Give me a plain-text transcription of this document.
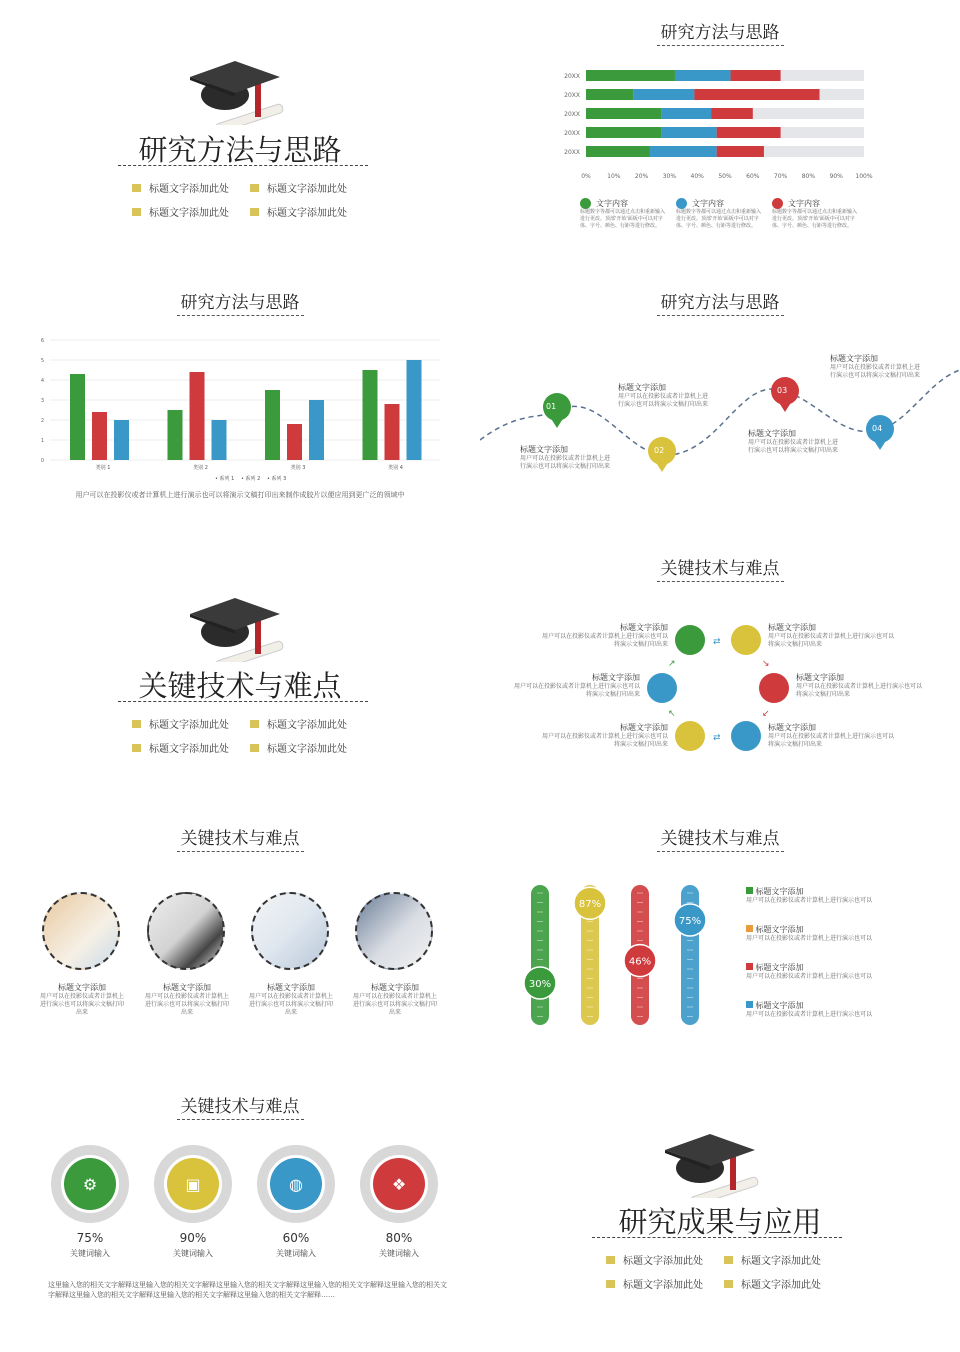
研究方法与思路
标题文字添加此处	标题文字添加此处
标题文字添加此处	标题文字添加此处
研究方法与思路
20XX
20XX
20XX
20XX
20XX
0%	10% 20% 30% 40% 50% 60% 70% 80% 90% 100%
文字内容
标题数字等都可以通过点击和重新输入进行更改。顶部'开始'面板中可以对字体、字号、颜色、行距等进行修改。
文字内容
标题数字等都可以通过点击和重新输入进行更改。顶部'开始'面板中可以对字体、字号、颜色、行距等进行修改。
文字内容
标题数字等都可以通过点击和重新输入进行更改。顶部'开始'面板中可以对字体、字号、颜色、行距等进行修改。
研究方法与思路
0
1
2
3
4
5
6
类别 1	类别 2	类别 3	类别 4
• 系列 1 • 系列 2 • 系列 3
用户可以在投影仪或者计算机上进行演示也可以将演示文稿打印出来制作成胶片以便应用到更广泛的领域中
研究方法与思路
01
02
03
04
标题文字添加
用户可以在投影仪或者计算机上进行演示也可以将演示文稿打印出来
标题文字添加
用户可以在投影仪或者计算机上进行演示也可以将演示文稿打印出来
标题文字添加
用户可以在投影仪或者计算机上进行演示也可以将演示文稿打印出来
标题文字添加
用户可以在投影仪或者计算机上进行演示也可以将演示文稿打印出来
关键技术与难点
标题文字添加此处	标题文字添加此处
标题文字添加此处	标题文字添加此处
关键技术与难点
⇄
↘
↙
⇄
↖
↗
标题文字添加
用户可以在投影仪或者计算机上进行演示也可以将演示文稿打印出来
标题文字添加
用户可以在投影仪或者计算机上进行演示也可以将演示文稿打印出来
标题文字添加
用户可以在投影仪或者计算机上进行演示也可以将演示文稿打印出来
标题文字添加
用户可以在投影仪或者计算机上进行演示也可以将演示文稿打印出来
标题文字添加
用户可以在投影仪或者计算机上进行演示也可以将演示文稿打印出来
标题文字添加
用户可以在投影仪或者计算机上进行演示也可以将演示文稿打印出来
关键技术与难点
标题文字添加
用户可以在投影仪或者计算机上进行演示也可以将演示文稿打印出来
标题文字添加
用户可以在投影仪或者计算机上进行演示也可以将演示文稿打印出来
标题文字添加
用户可以在投影仪或者计算机上进行演示也可以将演示文稿打印出来
标题文字添加
用户可以在投影仪或者计算机上进行演示也可以将演示文稿打印出来
关键技术与难点
30%
87%
46%
75%
标题文字添加
用户可以在投影仪或者计算机上进行演示也可以
标题文字添加
用户可以在投影仪或者计算机上进行演示也可以
标题文字添加
用户可以在投影仪或者计算机上进行演示也可以
标题文字添加
用户可以在投影仪或者计算机上进行演示也可以
关键技术与难点
⚙
75%
关键词输入
▣
90%
关键词输入
◍
60%
关键词输入
❖
80%
关键词输入
这里输入您的相关文字解释这里输入您的相关文字解释这里输入您的相关文字解释这里输入您的相关文字解释这里输入您的相关文字解释这里输入您的相关文字解释这里输入您的相关文字解释这里输入您的相关文字解释……
研究成果与应用
标题文字添加此处	标题文字添加此处
标题文字添加此处	标题文字添加此处
